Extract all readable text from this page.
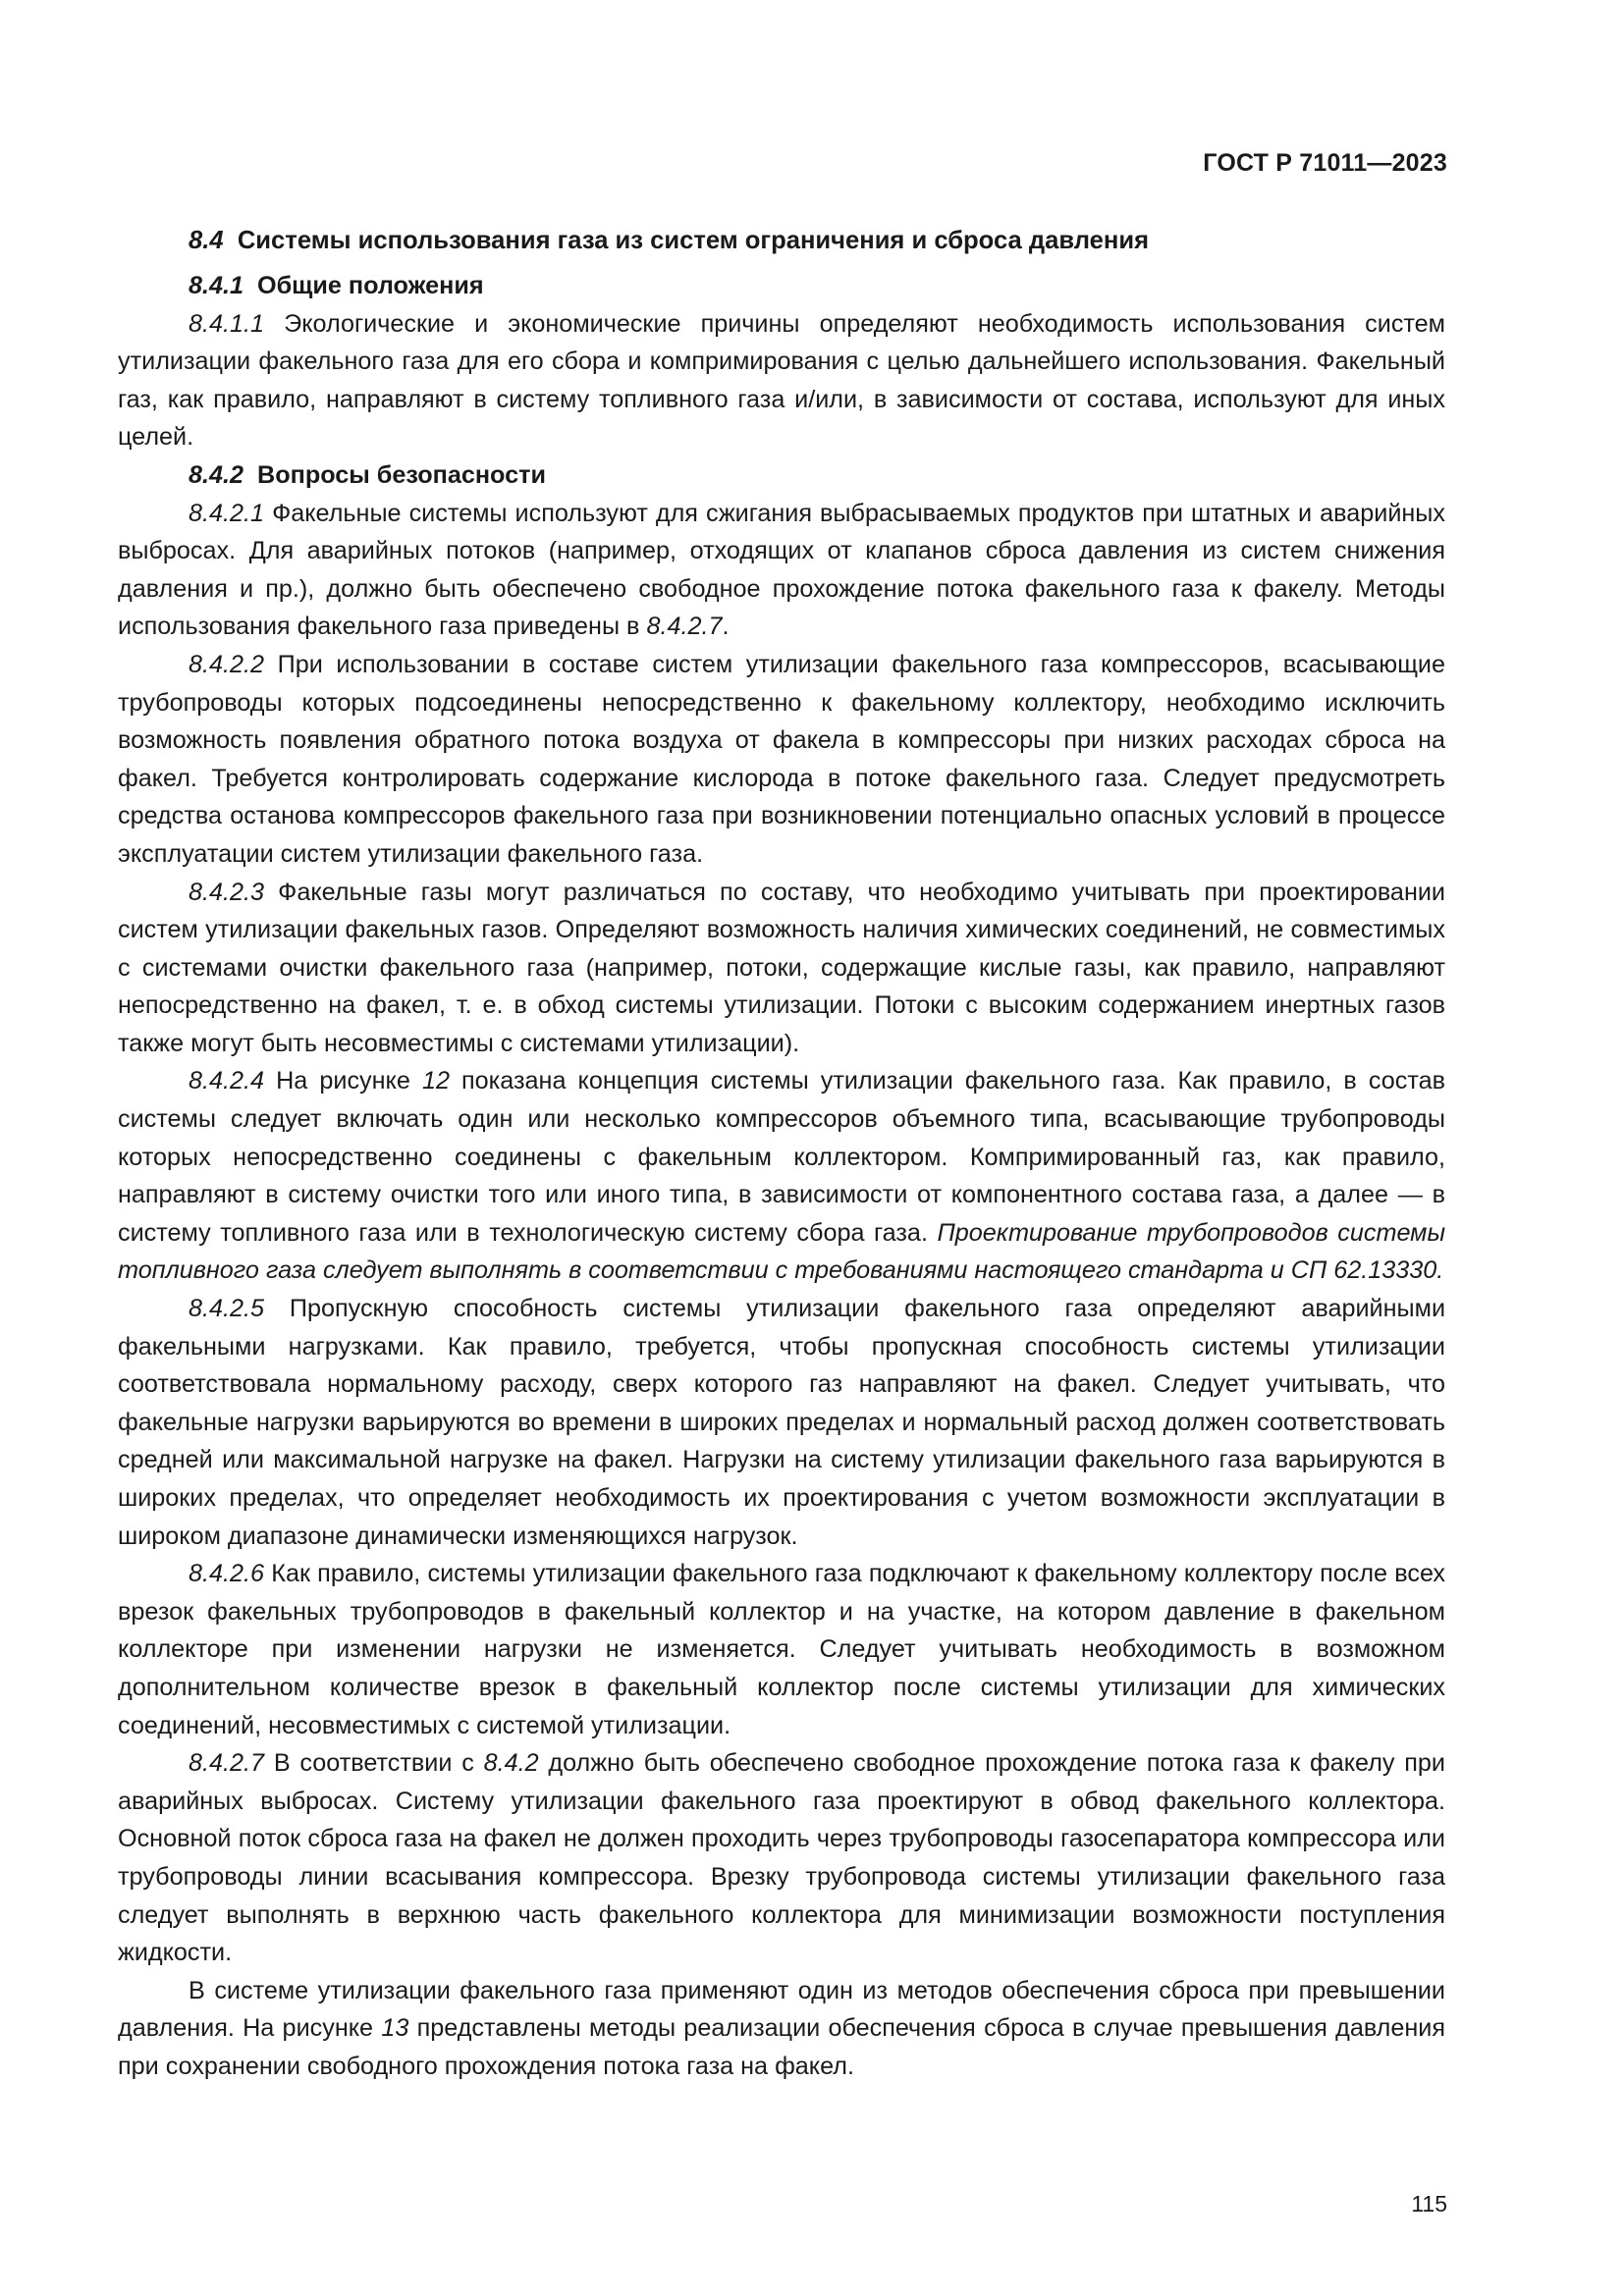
ГОСТ Р 71011—2023
8.4 Системы использования газа из систем ограничения и сброса давления
8.4.1 Общие положения

8.4.1.1 Экологические и экономические причины определяют необходимость использования систем утилизации факельного газа для его сбора и компримирования с целью дальнейшего использования. Факельный газ, как правило, направляют в систему топливного газа и/или, в зависимости от состава, используют для иных целей.

8.4.2 Вопросы безопасности

8.4.2.1 Факельные системы используют для сжигания выбрасываемых продуктов при штатных и аварийных выбросах. Для аварийных потоков (например, отходящих от клапанов сброса давления из систем снижения давления и пр.), должно быть обеспечено свободное прохождение потока факельного газа к факелу. Методы использования факельного газа приведены в 8.4.2.7.

8.4.2.2 При использовании в составе систем утилизации факельного газа компрессоров, всасывающие трубопроводы которых подсоединены непосредственно к факельному коллектору, необходимо исключить возможность появления обратного потока воздуха от факела в компрессоры при низких расходах сброса на факел. Требуется контролировать содержание кислорода в потоке факельного газа. Следует предусмотреть средства останова компрессоров факельного газа при возникновении потенциально опасных условий в процессе эксплуатации систем утилизации факельного газа.

8.4.2.3 Факельные газы могут различаться по составу, что необходимо учитывать при проектировании систем утилизации факельных газов. Определяют возможность наличия химических соединений, не совместимых с системами очистки факельного газа (например, потоки, содержащие кислые газы, как правило, направляют непосредственно на факел, т. е. в обход системы утилизации. Потоки с высоким содержанием инертных газов также могут быть несовместимы с системами утилизации).

8.4.2.4 На рисунке 12 показана концепция системы утилизации факельного газа. Как правило, в состав системы следует включать один или несколько компрессоров объемного типа, всасывающие трубопроводы которых непосредственно соединены с факельным коллектором. Компримированный газ, как правило, направляют в систему очистки того или иного типа, в зависимости от компонентного состава газа, а далее — в систему топливного газа или в технологическую систему сбора газа. Проектирование трубопроводов системы топливного газа следует выполнять в соответствии с требованиями настоящего стандарта и СП 62.13330.

8.4.2.5 Пропускную способность системы утилизации факельного газа определяют аварийными факельными нагрузками. Как правило, требуется, чтобы пропускная способность системы утилизации соответствовала нормальному расходу, сверх которого газ направляют на факел. Следует учитывать, что факельные нагрузки варьируются во времени в широких пределах и нормальный расход должен соответствовать средней или максимальной нагрузке на факел. Нагрузки на систему утилизации факельного газа варьируются в широких пределах, что определяет необходимость их проектирования с учетом возможности эксплуатации в широком диапазоне динамически изменяющихся нагрузок.

8.4.2.6 Как правило, системы утилизации факельного газа подключают к факельному коллектору после всех врезок факельных трубопроводов в факельный коллектор и на участке, на котором давление в факельном коллекторе при изменении нагрузки не изменяется. Следует учитывать необходимость в возможном дополнительном количестве врезок в факельный коллектор после системы утилизации для химических соединений, несовместимых с системой утилизации.

8.4.2.7 В соответствии с 8.4.2 должно быть обеспечено свободное прохождение потока газа к факелу при аварийных выбросах. Систему утилизации факельного газа проектируют в обвод факельного коллектора. Основной поток сброса газа на факел не должен проходить через трубопроводы газосепаратора компрессора или трубопроводы линии всасывания компрессора. Врезку трубопровода системы утилизации факельного газа следует выполнять в верхнюю часть факельного коллектора для минимизации возможности поступления жидкости.

В системе утилизации факельного газа применяют один из методов обеспечения сброса при превышении давления. На рисунке 13 представлены методы реализации обеспечения сброса в случае превышения давления при сохранении свободного прохождения потока газа на факел.

115
